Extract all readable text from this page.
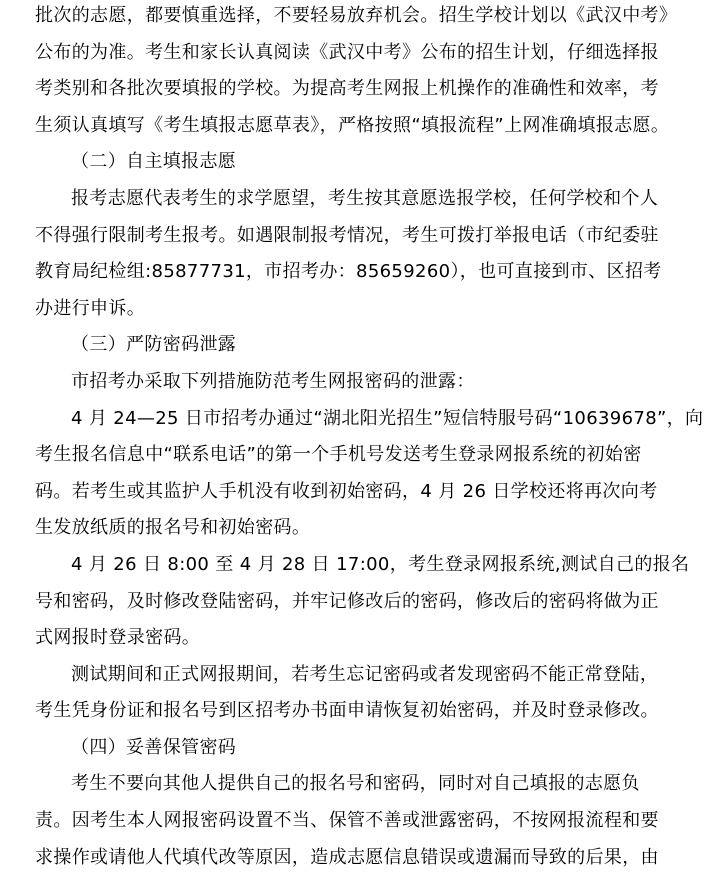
批次的志愿，都要慎重选择，不要轻易放弃机会。招生学校计划以《武汉中考》
公布的为准。考生和家长认真阅读《武汉中考》公布的招生计划，仔细选择报
考类别和各批次要填报的学校。为提高考生网报上机操作的准确性和效率，考
生须认真填写《考生填报志愿草表》，严格按照“填报流程”上网准确填报志愿。
（二）自主填报志愿
报考志愿代表考生的求学愿望，考生按其意愿选报学校，任何学校和个人
不得强行限制考生报考。如遇限制报考情况，考生可拨打举报电话（市纪委驻
教育局纪检组:85877731，市招考办：85659260），也可直接到市、区招考
办进行申诉。
（三）严防密码泄露
市招考办采取下列措施防范考生网报密码的泄露：
4 月 24—25 日市招考办通过“湖北阳光招生”短信特服号码“10639678”，向
考生报名信息中“联系电话”的第一个手机号发送考生登录网报系统的初始密
码。若考生或其监护人手机没有收到初始密码，4 月 26 日学校还将再次向考
生发放纸质的报名号和初始密码。
4 月 26 日 8:00 至 4 月 28 日 17:00，考生登录网报系统,测试自己的报名
号和密码，及时修改登陆密码，并牢记修改后的密码，修改后的密码将做为正
式网报时登录密码。
测试期间和正式网报期间，若考生忘记密码或者发现密码不能正常登陆，
考生凭身份证和报名号到区招考办书面申请恢复初始密码，并及时登录修改。
（四）妥善保管密码
考生不要向其他人提供自己的报名号和密码，同时对自己填报的志愿负
责。因考生本人网报密码设置不当、保管不善或泄露密码，不按网报流程和要
求操作或请他人代填代改等原因，造成志愿信息错误或遗漏而导致的后果，由
